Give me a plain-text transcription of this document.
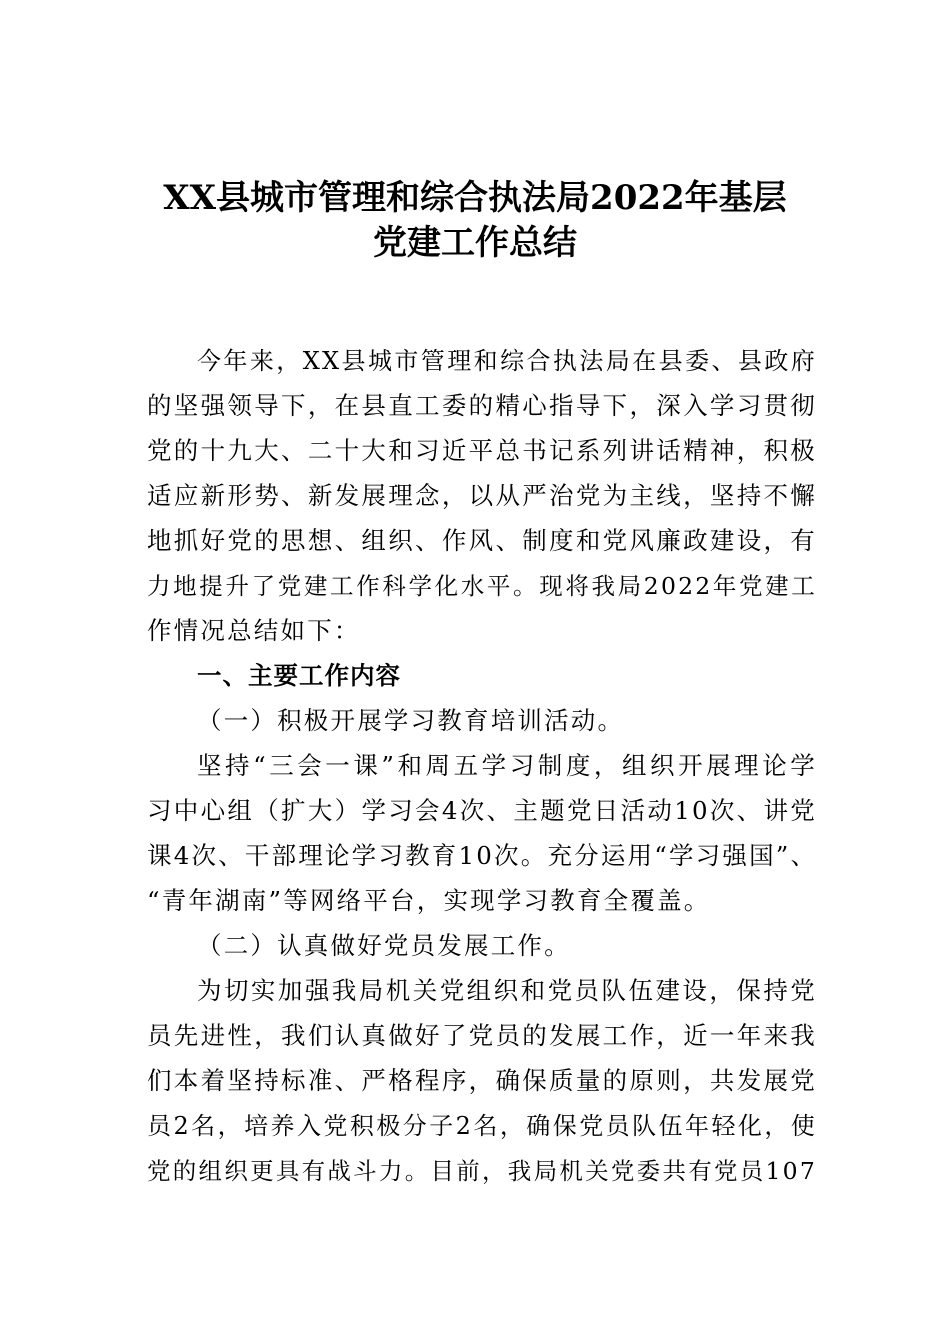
XX县城市管理和综合执法局2022年基层
党建工作总结
今年来，XX县城市管理和综合执法局在县委、县政府
的坚强领导下，在县直工委的精心指导下，深入学习贯彻
党的十九大、二十大和习近平总书记系列讲话精神，积极
适应新形势、新发展理念，以从严治党为主线，坚持不懈
地抓好党的思想、组织、作风、制度和党风廉政建设，有
力地提升了党建工作科学化水平。现将我局2022年党建工
作情况总结如下：
一、主要工作内容
（一）积极开展学习教育培训活动。
坚持“三会一课”和周五学习制度，组织开展理论学
习中心组（扩大）学习会4次、主题党日活动10次、讲党
课4次、干部理论学习教育10次。充分运用“学习强国”、
“青年湖南”等网络平台，实现学习教育全覆盖。
（二）认真做好党员发展工作。
为切实加强我局机关党组织和党员队伍建设，保持党
员先进性，我们认真做好了党员的发展工作，近一年来我
们本着坚持标准、严格程序，确保质量的原则，共发展党
员2名，培养入党积极分子2名，确保党员队伍年轻化，使
党的组织更具有战斗力。目前，我局机关党委共有党员107
